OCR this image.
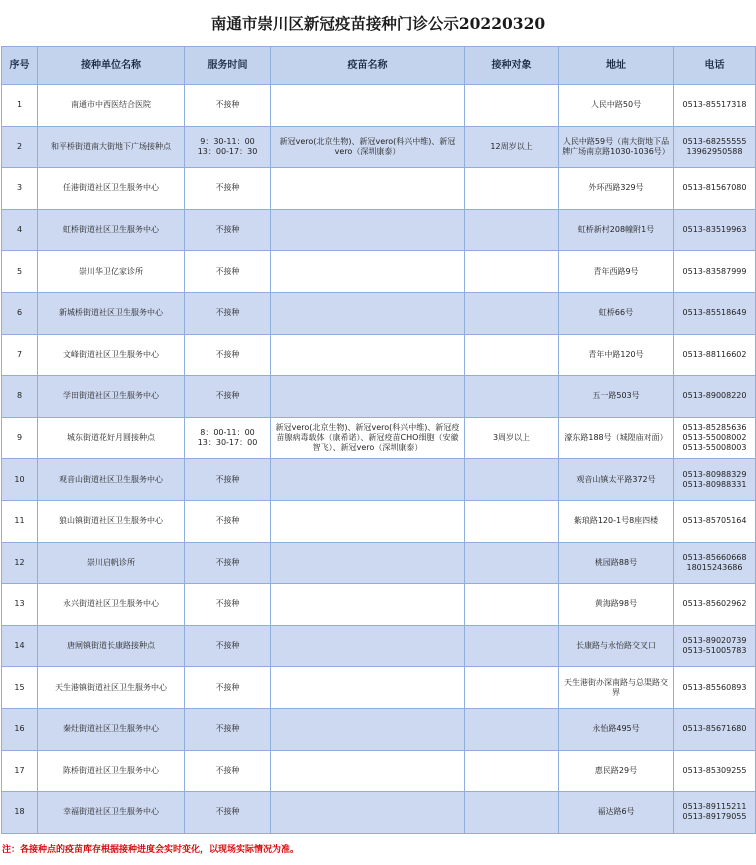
南通市崇川区新冠疫苗接种门诊公示20220320
序号	接种单位名称	服务时间	疫苗名称	接种对象	地址	电话
1	南通市中西医结合医院	不接种			人民中路50号	0513-85517318

2	和平桥街道南大街地下广场接种点	9：30-11：00
13：00-17：30	新冠vero(北京生物)、新冠vero(科兴中维)、新冠vero（深圳康泰）	12周岁以上	人民中路59号（南大街地下品牌广场南京路1030-1036号）	0513-68255555
13962950588

3	任港街道社区卫生服务中心	不接种			外环西路329号	0513-81567080

4	虹桥街道社区卫生服务中心	不接种			虹桥新村208幢附1号	0513-83519963

5	崇川华卫亿家诊所	不接种			青年西路9号	0513-83587999

6	新城桥街道社区卫生服务中心	不接种			虹桥66号	0513-85518649

7	文峰街道社区卫生服务中心	不接种			青年中路120号	0513-88116602

8	学田街道社区卫生服务中心	不接种			五一路503号	0513-89008220

9	城东街道花好月圆接种点	8：00-11：00
13：30-17：00	新冠vero(北京生物)、新冠vero(科兴中维)、新冠疫苗腺病毒载体（康希诺）、新冠疫苗CHO细胞（安徽智飞）、新冠vero（深圳康泰）	3周岁以上	濠东路188号（城隍庙对面）	0513-85285636
0513-55008002
0513-55008003

10	观音山街道社区卫生服务中心	不接种			观音山镇太平路372号	0513-80988329
0513-80988331

11	狼山镇街道社区卫生服务中心	不接种			紫琅路120-1号8座四楼	0513-85705164

12	崇川启帆诊所	不接种			桃园路88号	0513-85660668
18015243686

13	永兴街道社区卫生服务中心	不接种			黄海路98号	0513-85602962

14	唐闸镇街道长康路接种点	不接种			长康路与永怡路交叉口	0513-89020739
0513-51005783

15	天生港镇街道社区卫生服务中心	不接种			天生港街办深南路与总渠路交界	0513-85560893

16	秦灶街道社区卫生服务中心	不接种			永怡路495号	0513-85671680

17	陈桥街道社区卫生服务中心	不接种			惠民路29号	0513-85309255

18	幸福街道社区卫生服务中心	不接种			福达路6号	0513-89115211
0513-89179055
注：各接种点的疫苗库存根据接种进度会实时变化，以现场实际情况为准。
